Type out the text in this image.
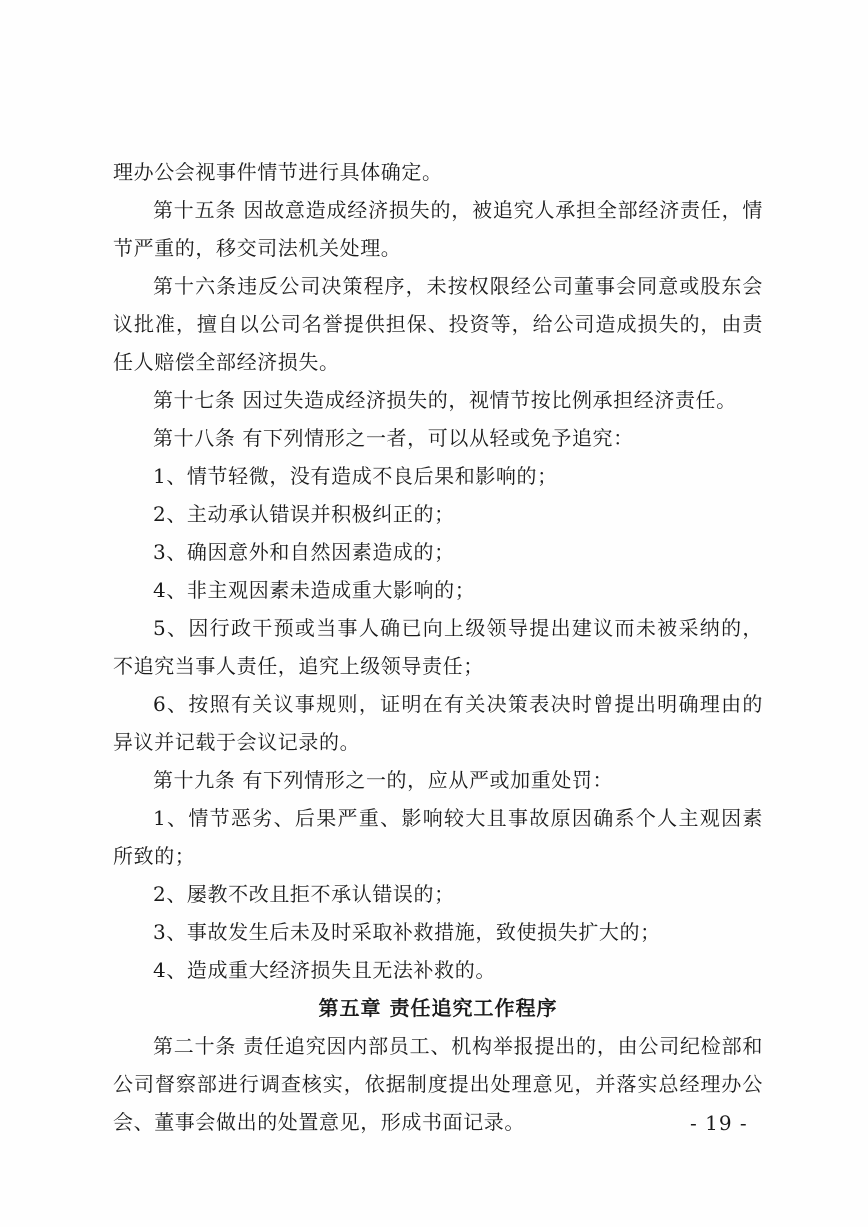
理办公会视事件情节进行具体确定。

第十五条 因故意造成经济损失的，被追究人承担全部经济责任，情节严重的，移交司法机关处理。

第十六条违反公司决策程序，未按权限经公司董事会同意或股东会议批准，擅自以公司名誉提供担保、投资等，给公司造成损失的，由责任人赔偿全部经济损失。

第十七条 因过失造成经济损失的，视情节按比例承担经济责任。

第十八条 有下列情形之一者，可以从轻或免予追究：

1、情节轻微，没有造成不良后果和影响的；

2、主动承认错误并积极纠正的；

3、确因意外和自然因素造成的；

4、非主观因素未造成重大影响的；

5、因行政干预或当事人确已向上级领导提出建议而未被采纳的，不追究当事人责任，追究上级领导责任；

6、按照有关议事规则，证明在有关决策表决时曾提出明确理由的异议并记载于会议记录的。

第十九条 有下列情形之一的，应从严或加重处罚：

1、情节恶劣、后果严重、影响较大且事故原因确系个人主观因素所致的；

2、屡教不改且拒不承认错误的；

3、事故发生后未及时采取补救措施，致使损失扩大的；

4、造成重大经济损失且无法补救的。

第五章 责任追究工作程序

第二十条 责任追究因内部员工、机构举报提出的，由公司纪检部和公司督察部进行调查核实，依据制度提出处理意见，并落实总经理办公会、董事会做出的处置意见，形成书面记录。	- 19 -
